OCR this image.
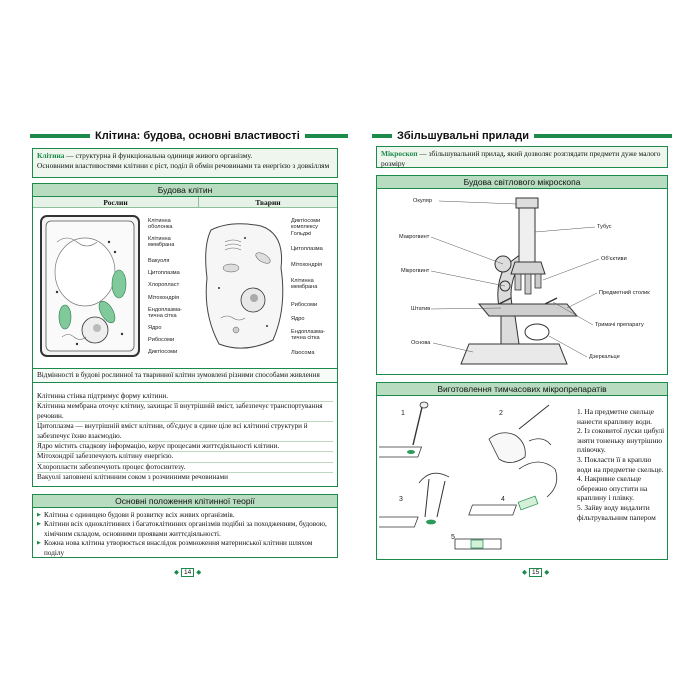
Клітина: будова, основні властивості
Клітина — структурна й функціональна одиниця живого організму.
Основними властивостями клітини є ріст, поділ й обмін речовинами та енергією з довкіллям
Будова клітин
Рослин	Тварин
Клітинна оболонка
Клітинна мембрана
Вакуоля
Цитоплазма
Хлоропласт
Мітохондрія
Ендоплазма-тична сітка
Ядро
Рибосоми
Диктіосоми
Диктіосоми комплексу Гольджі
Цитоплазма
Мітохондрія
Клітинна мембрана
Рибосоми
Ядро
Ендоплазма-тична сітка
Лізосома

Відмінності в будові рослинної та тваринної клітин зумовлені різними способами живлення

Клітинна стінка підтримує форму клітини.
Клітинна мембрана оточує клітину, захищає її внутрішній вміст, забезпечує транспортування речовин.
Цитоплазма — внутрішній вміст клітини, об'єднує в єдине ціле всі клітинні структури й забезпечує їхню взаємодію.
Ядро містить спадкову інформацію, керує процесами життєдіяльності клітини.
Мітохондрії забезпечують клітину енергією.
Хлоропласти забезпечують процес фотосинтезу.
Вакуолі заповнені клітинним соком з розчинними речовинами
Основні положення клітинної теорії
▶ Клітина є одиницею будови й розвитку всіх живих організмів.
▶ Клітини всіх одноклітинних і багатоклітинних організмів подібні за походженням, будовою, хімічним складом, основними проявами життєдіяльності.
▶ Кожна нова клітина утворюється внаслідок розмноження материнської клітини шляхом поділу
◆ 14 ◆
Збільшувальні прилади
Мікроскоп — збільшувальний прилад, який дозволяє розглядати предмети дуже малого розміру
Будова світлового мікроскопа
Окуляр
Макрогвинт
Мікрогвинт
Штатив
Основа
Тубус
Об'єктиви
Предметний столик
Тримачі препарату
Дзеркальце
Виготовлення тимчасових мікропрепаратів
1	2
3	4
5
1. На предметне скельце нанести краплину води.
2. Із соковитої луски цибулі зняти тоненьку внутрішню плівочку.
3. Покласти її в краплю води на предметне скельце.
4. Накривне скельце обережно опустити на краплину і плівку.
5. Зайву воду видалити фільтрувальним папером
◆ 15 ◆
